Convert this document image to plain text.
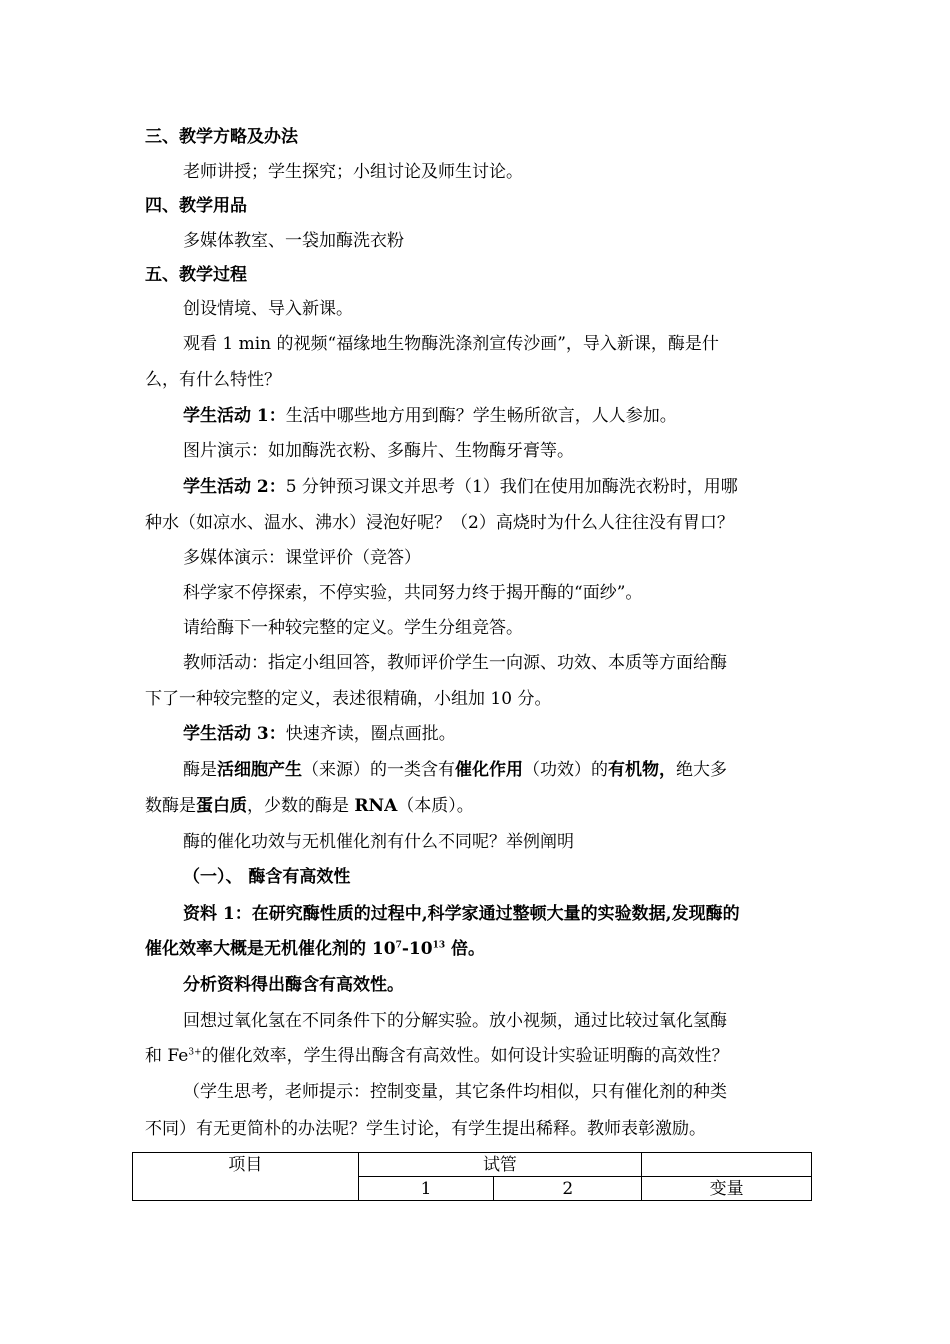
三、教学方略及办法
老师讲授；学生探究；小组讨论及师生讨论。
四、教学用品
多媒体教室、一袋加酶洗衣粉
五、教学过程
创设情境、导入新课。
观看 1 min 的视频“福缘地生物酶洗涤剂宣传沙画”，导入新课，酶是什
么，有什么特性？
学生活动 1：生活中哪些地方用到酶？学生畅所欲言，人人参加。
图片演示：如加酶洗衣粉、多酶片、生物酶牙膏等。
学生活动 2：5 分钟预习课文并思考（1）我们在使用加酶洗衣粉时，用哪
种水（如凉水、温水、沸水）浸泡好呢？（2）高烧时为什么人往往没有胃口？
多媒体演示：课堂评价（竞答）
科学家不停探索，不停实验，共同努力终于揭开酶的“面纱”。
请给酶下一种较完整的定义。学生分组竞答。
教师活动：指定小组回答，教师评价学生一向源、功效、本质等方面给酶
下了一种较完整的定义，表述很精确，小组加 10 分。
学生活动 3：快速齐读，圈点画批。
酶是活细胞产生（来源）的一类含有催化作用（功效）的有机物，绝大多
数酶是蛋白质，少数的酶是 RNA（本质）。
酶的催化功效与无机催化剂有什么不同呢？举例阐明
（一）、 酶含有高效性
资料 1：在研究酶性质的过程中,科学家通过整顿大量的实验数据,发现酶的
催化效率大概是无机催化剂的 $10^7-10^{13}$ 倍。
分析资料得出酶含有高效性。
回想过氧化氢在不同条件下的分解实验。放小视频，通过比较过氧化氢酶
和 $Fe^{3+}$的催化效率，学生得出酶含有高效性。如何设计实验证明酶的高效性？
（学生思考，老师提示：控制变量，其它条件均相似，只有催化剂的种类
不同）有无更简朴的办法呢？学生讨论，有学生提出稀释。教师表彰激励。
项目	试管		
	1	2	变量
